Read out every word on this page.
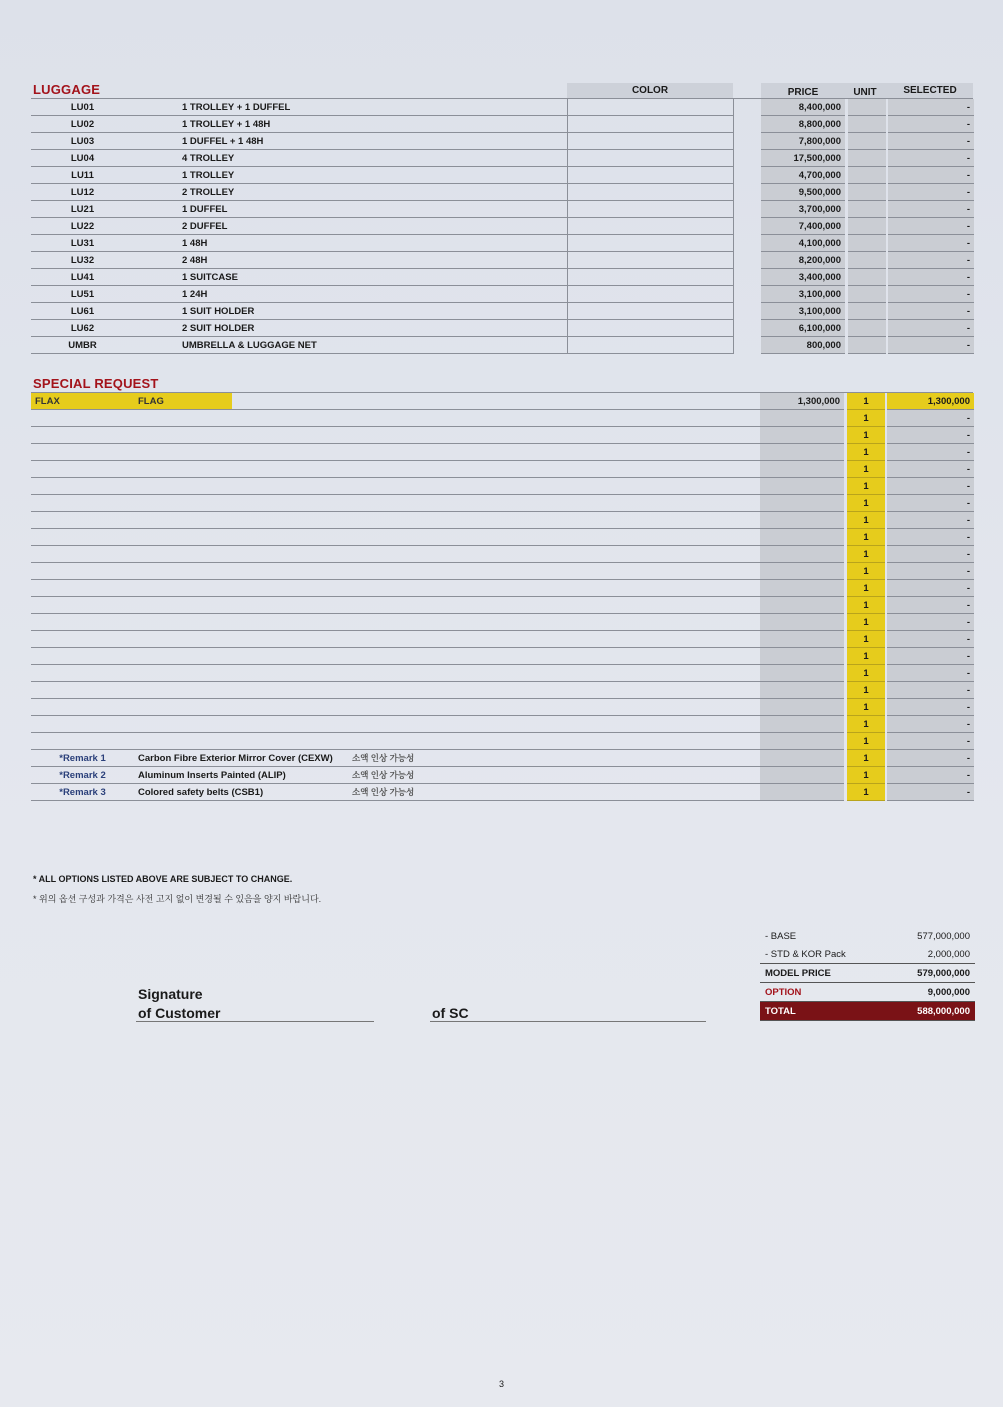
LUGGAGE	COLOR	PRICE	UNIT	SELECTED
LU01	1 TROLLEY + 1 DUFFEL			8,400,000				-
LU02	1 TROLLEY + 1 48H			8,800,000				-
LU03	1 DUFFEL + 1 48H			7,800,000				-
LU04	4 TROLLEY			17,500,000				-
LU11	1 TROLLEY			4,700,000				-
LU12	2 TROLLEY			9,500,000				-
LU21	1 DUFFEL			3,700,000				-
LU22	2 DUFFEL			7,400,000				-
LU31	1 48H			4,100,000				-
LU32	2 48H			8,200,000				-
LU41	1 SUITCASE			3,400,000				-
LU51	1 24H			3,100,000				-
LU61	1 SUIT HOLDER			3,100,000				-
LU62	2 SUIT HOLDER			6,100,000				-
UMBR	UMBRELLA & LUGGAGE NET			800,000				-
SPECIAL REQUEST
FLAX	FLAG		1,300,000		1		1,300,000
					1		-
					1		-
					1		-
					1		-
					1		-
					1		-
					1		-
					1		-
					1		-
					1		-
					1		-
					1		-
					1		-
					1		-
					1		-
					1		-
					1		-
					1		-
					1		-
					1		-
*Remark 1	Carbon Fibre Exterior Mirror Cover (CEXW)	소액 인상 가능성			1		-
*Remark 2	Aluminum Inserts Painted (ALIP)	소액 인상 가능성			1		-
*Remark 3	Colored safety belts (CSB1)	소액 인상 가능성			1		-
* ALL OPTIONS LISTED ABOVE ARE SUBJECT TO CHANGE.
* 위의 옵션 구성과 가격은 사전 고지 없이 변경될 수 있음을 양지 바랍니다.
Signature
of Customer	of SC
- BASE	577,000,000
- STD & KOR Pack	2,000,000
MODEL PRICE	579,000,000
OPTION	9,000,000
TOTAL	588,000,000
3
